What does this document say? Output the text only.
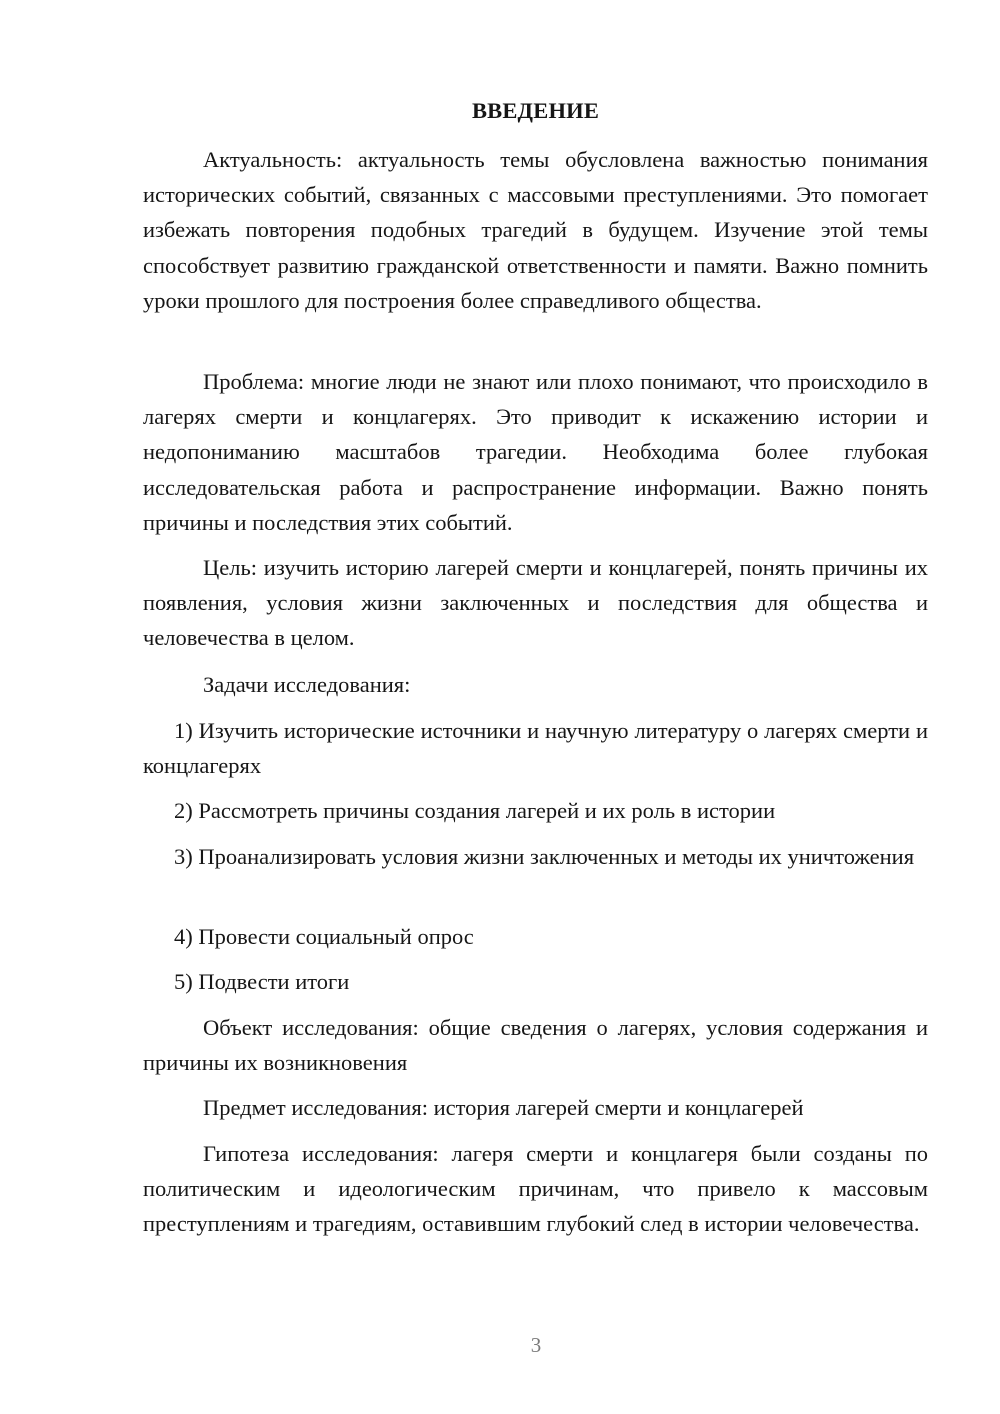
ВВЕДЕНИЕ

Актуальность: актуальность темы обусловлена важностью понимания исторических событий, связанных с массовыми преступлениями. Это помогает избежать повторения подобных трагедий в будущем. Изучение этой темы способствует развитию гражданской ответственности и памяти. Важно помнить уроки прошлого для построения более справедливого общества.

Проблема: многие люди не знают или плохо понимают, что происходило в лагерях смерти и концлагерях. Это приводит к искажению истории и недопониманию масштабов трагедии. Необходима более глубокая исследовательская работа и распространение информации. Важно понять причины и последствия этих событий.

Цель: изучить историю лагерей смерти и концлагерей, понять причины их появления, условия жизни заключенных и последствия для общества и человечества в целом.

Задачи исследования:

1) Изучить исторические источники и научную литературу о лагерях смерти и концлагерях

2) Рассмотреть причины создания лагерей и их роль в истории

3) Проанализировать условия жизни заключенных и методы их уничтожения

4) Провести социальный опрос

5) Подвести итоги

Объект исследования: общие сведения о лагерях, условия содержания и причины их возникновения

Предмет исследования: история лагерей смерти и концлагерей

Гипотеза исследования: лагеря смерти и концлагеря были созданы по политическим и идеологическим причинам, что привело к массовым преступлениям и трагедиям, оставившим глубокий след в истории человечества.

3
